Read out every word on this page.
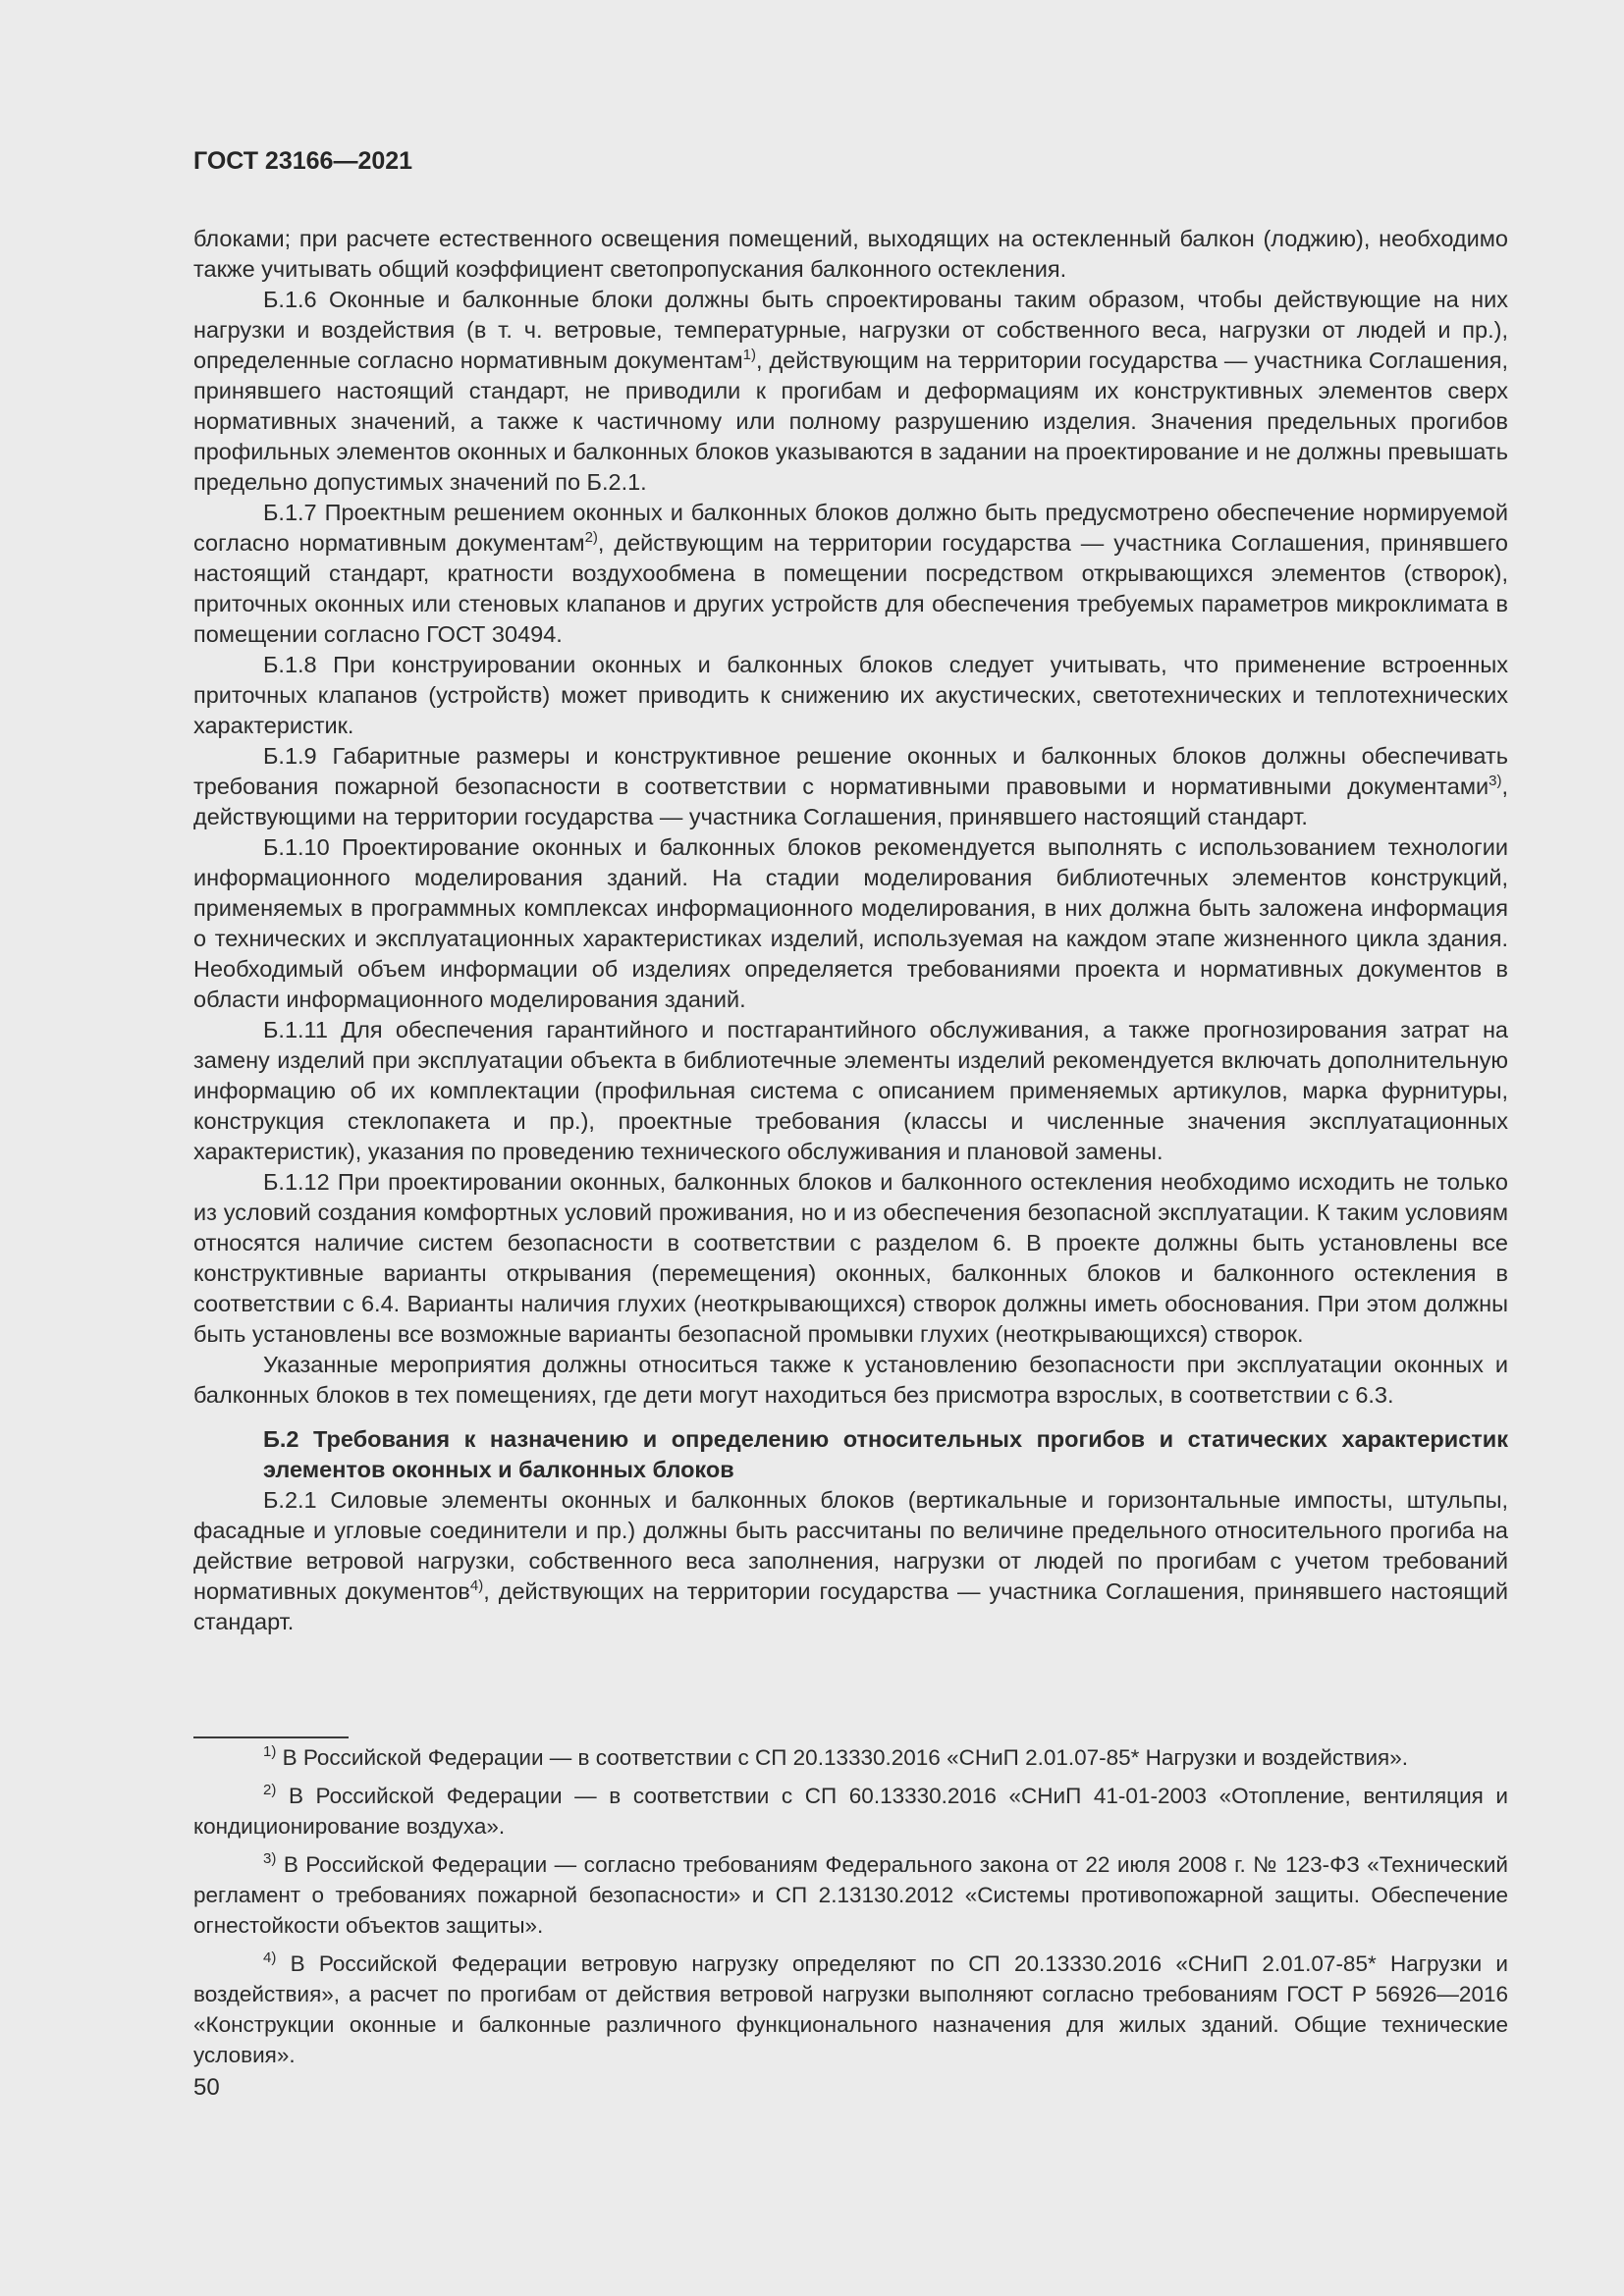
ГОСТ 23166—2021

блоками; при расчете естественного освещения помещений, выходящих на остекленный балкон (лоджию), необходимо также учитывать общий коэффициент светопропускания балконного остекления.

Б.1.6 Оконные и балконные блоки должны быть спроектированы таким образом, чтобы действующие на них нагрузки и воздействия (в т. ч. ветровые, температурные, нагрузки от собственного веса, нагрузки от людей и пр.), определенные согласно нормативным документам$^{1)}$, действующим на территории государства — участника Соглашения, принявшего настоящий стандарт, не приводили к прогибам и деформациям их конструктивных элементов сверх нормативных значений, а также к частичному или полному разрушению изделия. Значения предельных прогибов профильных элементов оконных и балконных блоков указываются в задании на проектирование и не должны превышать предельно допустимых значений по Б.2.1.

Б.1.7 Проектным решением оконных и балконных блоков должно быть предусмотрено обеспечение нормируемой согласно нормативным документам$^{2)}$, действующим на территории государства — участника Соглашения, принявшего настоящий стандарт, кратности воздухообмена в помещении посредством открывающихся элементов (створок), приточных оконных или стеновых клапанов и других устройств для обеспечения требуемых параметров микроклимата в помещении согласно ГОСТ 30494.

Б.1.8 При конструировании оконных и балконных блоков следует учитывать, что применение встроенных приточных клапанов (устройств) может приводить к снижению их акустических, светотехнических и теплотехнических характеристик.

Б.1.9 Габаритные размеры и конструктивное решение оконных и балконных блоков должны обеспечивать требования пожарной безопасности в соответствии с нормативными правовыми и нормативными документами$^{3)}$, действующими на территории государства — участника Соглашения, принявшего настоящий стандарт.

Б.1.10 Проектирование оконных и балконных блоков рекомендуется выполнять с использованием технологии информационного моделирования зданий. На стадии моделирования библиотечных элементов конструкций, применяемых в программных комплексах информационного моделирования, в них должна быть заложена информация о технических и эксплуатационных характеристиках изделий, используемая на каждом этапе жизненного цикла здания. Необходимый объем информации об изделиях определяется требованиями проекта и нормативных документов в области информационного моделирования зданий.

Б.1.11 Для обеспечения гарантийного и постгарантийного обслуживания, а также прогнозирования затрат на замену изделий при эксплуатации объекта в библиотечные элементы изделий рекомендуется включать дополнительную информацию об их комплектации (профильная система с описанием применяемых артикулов, марка фурнитуры, конструкция стеклопакета и пр.), проектные требования (классы и численные значения эксплуатационных характеристик), указания по проведению технического обслуживания и плановой замены.

Б.1.12 При проектировании оконных, балконных блоков и балконного остекления необходимо исходить не только из условий создания комфортных условий проживания, но и из обеспечения безопасной эксплуатации. К таким условиям относятся наличие систем безопасности в соответствии с разделом 6. В проекте должны быть установлены все конструктивные варианты открывания (перемещения) оконных, балконных блоков и балконного остекления в соответствии с 6.4. Варианты наличия глухих (неоткрывающихся) створок должны иметь обоснования. При этом должны быть установлены все возможные варианты безопасной промывки глухих (неоткрывающихся) створок.

Указанные мероприятия должны относиться также к установлению безопасности при эксплуатации оконных и балконных блоков в тех помещениях, где дети могут находиться без присмотра взрослых, в соответствии с 6.3.

Б.2 Требования к назначению и определению относительных прогибов и статических характеристик элементов оконных и балконных блоков

Б.2.1 Силовые элементы оконных и балконных блоков (вертикальные и горизонтальные импосты, штульпы, фасадные и угловые соединители и пр.) должны быть рассчитаны по величине предельного относительного прогиба на действие ветровой нагрузки, собственного веса заполнения, нагрузки от людей по прогибам с учетом требований нормативных документов$^{4)}$, действующих на территории государства — участника Соглашения, принявшего настоящий стандарт.

$^{1)}$ В Российской Федерации — в соответствии с СП 20.13330.2016 «СНиП 2.01.07-85* Нагрузки и воздействия».

$^{2)}$ В Российской Федерации — в соответствии с СП 60.13330.2016 «СНиП 41-01-2003 «Отопление, вентиляция и кондиционирование воздуха».

$^{3)}$ В Российской Федерации — согласно требованиям Федерального закона от 22 июля 2008 г. № 123-ФЗ «Технический регламент о требованиях пожарной безопасности» и СП 2.13130.2012 «Системы противопожарной защиты. Обеспечение огнестойкости объектов защиты».

$^{4)}$ В Российской Федерации ветровую нагрузку определяют по СП 20.13330.2016 «СНиП 2.01.07-85* Нагрузки и воздействия», а расчет по прогибам от действия ветровой нагрузки выполняют согласно требованиям ГОСТ Р 56926—2016 «Конструкции оконные и балконные различного функционального назначения для жилых зданий. Общие технические условия».

50
